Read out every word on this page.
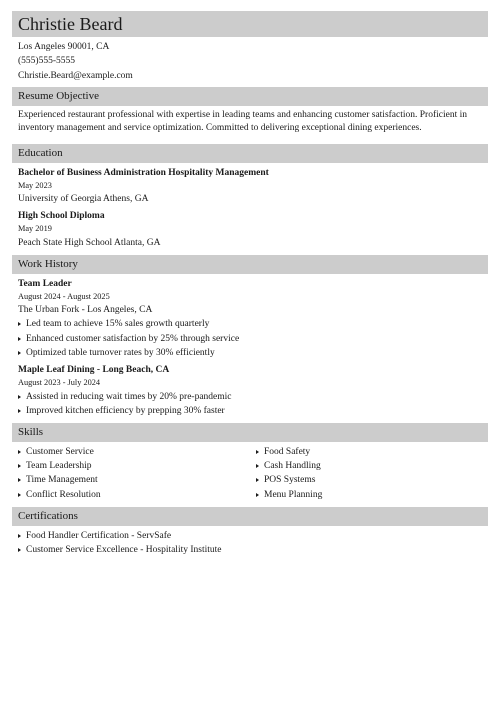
Christie Beard
Los Angeles 90001, CA
(555)555-5555
Christie.Beard@example.com
Resume Objective
Experienced restaurant professional with expertise in leading teams and enhancing customer satisfaction. Proficient in inventory management and service optimization. Committed to delivering exceptional dining experiences.
Education
Bachelor of Business Administration Hospitality Management
May 2023
University of Georgia Athens, GA
High School Diploma
May 2019
Peach State High School Atlanta, GA
Work History
Team Leader
August 2024 - August 2025
The Urban Fork - Los Angeles, CA
Led team to achieve 15% sales growth quarterly
Enhanced customer satisfaction by 25% through service
Optimized table turnover rates by 30% efficiently
Maple Leaf Dining - Long Beach, CA
August 2023 - July 2024
Assisted in reducing wait times by 20% pre-pandemic
Improved kitchen efficiency by prepping 30% faster
Skills
Customer Service
Team Leadership
Time Management
Conflict Resolution
Food Safety
Cash Handling
POS Systems
Menu Planning
Certifications
Food Handler Certification - ServSafe
Customer Service Excellence - Hospitality Institute
